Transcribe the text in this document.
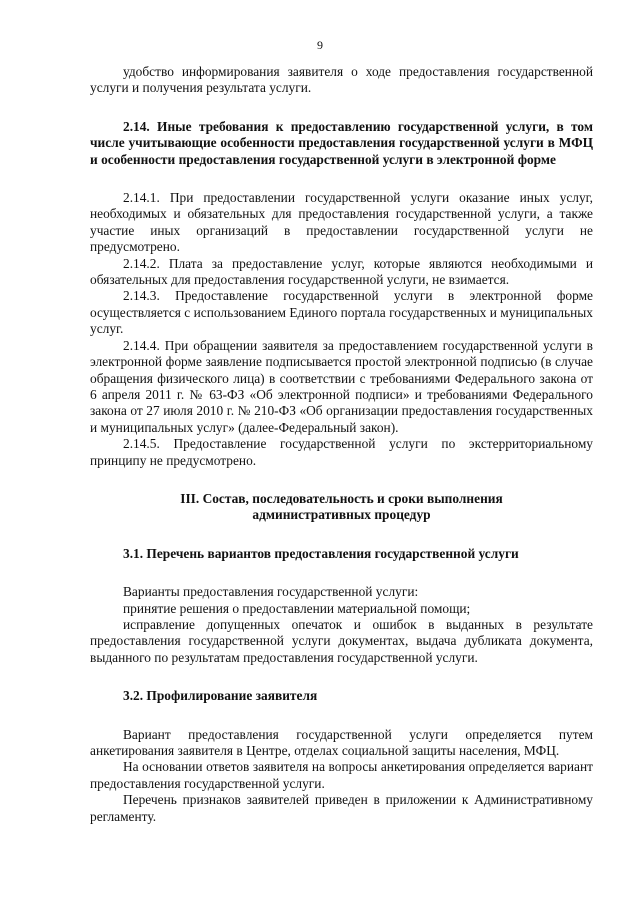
9

удобство информирования заявителя о ходе предоставления государственной услуги и получения результата услуги.

2.14. Иные требования к предоставлению государственной услуги, в том числе учитывающие особенности предоставления государственной услуги в МФЦ и особенности предоставления государственной услуги в электронной форме

2.14.1. При предоставлении государственной услуги оказание иных услуг, необходимых и обязательных для предоставления государственной услуги, а также участие иных организаций в предоставлении государственной услуги не предусмотрено.

2.14.2. Плата за предоставление услуг, которые являются необходимыми и обязательных для предоставления государственной услуги, не взимается.

2.14.3. Предоставление государственной услуги в электронной форме осуществляется с использованием Единого портала государственных и муниципальных услуг.

2.14.4. При обращении заявителя за предоставлением государственной услуги в электронной форме заявление подписывается простой электронной подписью (в случае обращения физического лица) в соответствии с требованиями Федерального закона от 6 апреля 2011 г. № 63-ФЗ «Об электронной подписи» и требованиями Федерального закона от 27 июля 2010 г. № 210-ФЗ «Об организации предоставления государственных и муниципальных услуг» (далее-Федеральный закон).

2.14.5. Предоставление государственной услуги по экстерриториальному принципу не предусмотрено.

III. Состав, последовательность и сроки выполнения
административных процедур

3.1. Перечень вариантов предоставления государственной услуги

Варианты предоставления государственной услуги:

принятие решения о предоставлении материальной помощи;

исправление допущенных опечаток и ошибок в выданных в результате предоставления государственной услуги документах, выдача дубликата документа, выданного по результатам предоставления государственной услуги.

3.2. Профилирование заявителя

Вариант предоставления государственной услуги определяется путем анкетирования заявителя в Центре, отделах социальной защиты населения, МФЦ.

На основании ответов заявителя на вопросы анкетирования определяется вариант предоставления государственной услуги.

Перечень признаков заявителей приведен в приложении к Административному регламенту.
